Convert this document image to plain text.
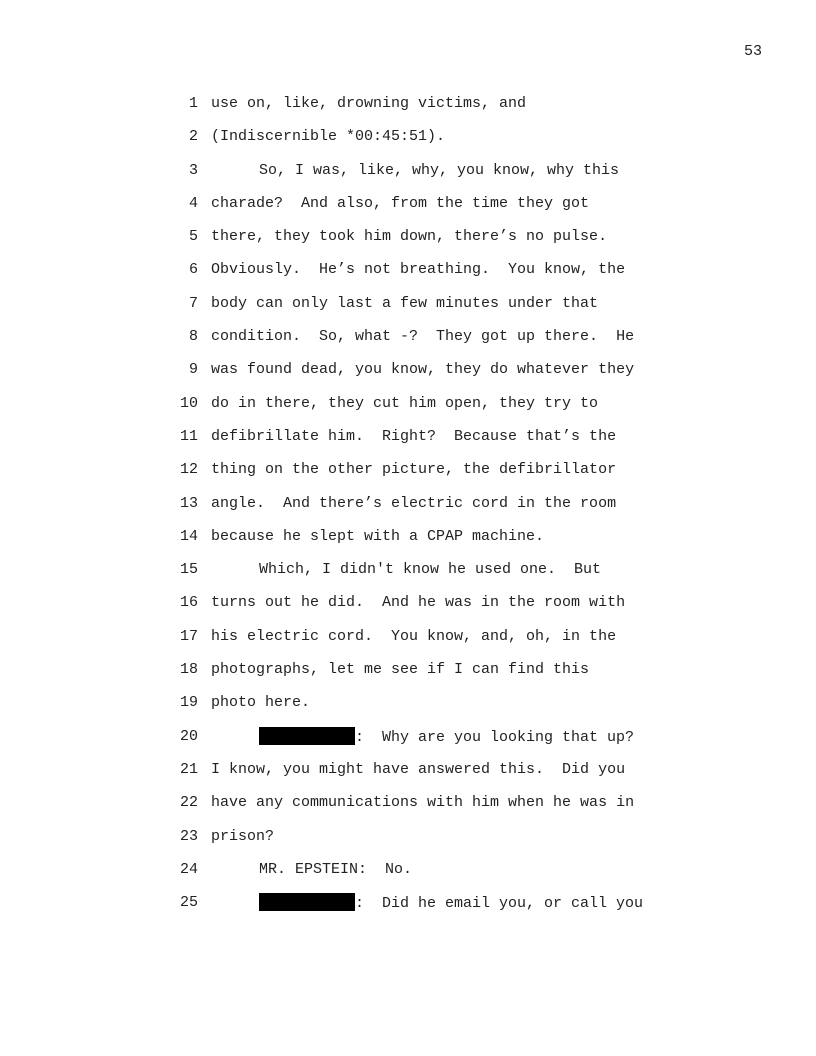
53

1

use on, like, drowning victims, and

2

(Indiscernible *00:45:51).

3

	So, I was, like, why, you know, why this

4

charade?  And also, from the time they got

5

there, they took him down, there’s no pulse.

6

Obviously.  He’s not breathing.  You know, the

7

body can only last a few minutes under that

8

condition.  So, what -?  They got up there.  He

9

was found dead, you know, they do whatever they

10

do in there, they cut him open, they try to

11

defibrillate him.  Right?  Because that’s the

12

thing on the other picture, the defibrillator

13

angle.  And there’s electric cord in the room

14

because he slept with a CPAP machine.

15

	Which, I didn't know he used one.  But

16

turns out he did.  And he was in the room with

17

his electric cord.  You know, and, oh, in the

18

photographs, let me see if I can find this

19

photo here.

20

	:  Why are you looking that up?

21

I know, you might have answered this.  Did you

22

have any communications with him when he was in

23

prison?

24

	MR. EPSTEIN:  No.

25

	:  Did he email you, or call you
